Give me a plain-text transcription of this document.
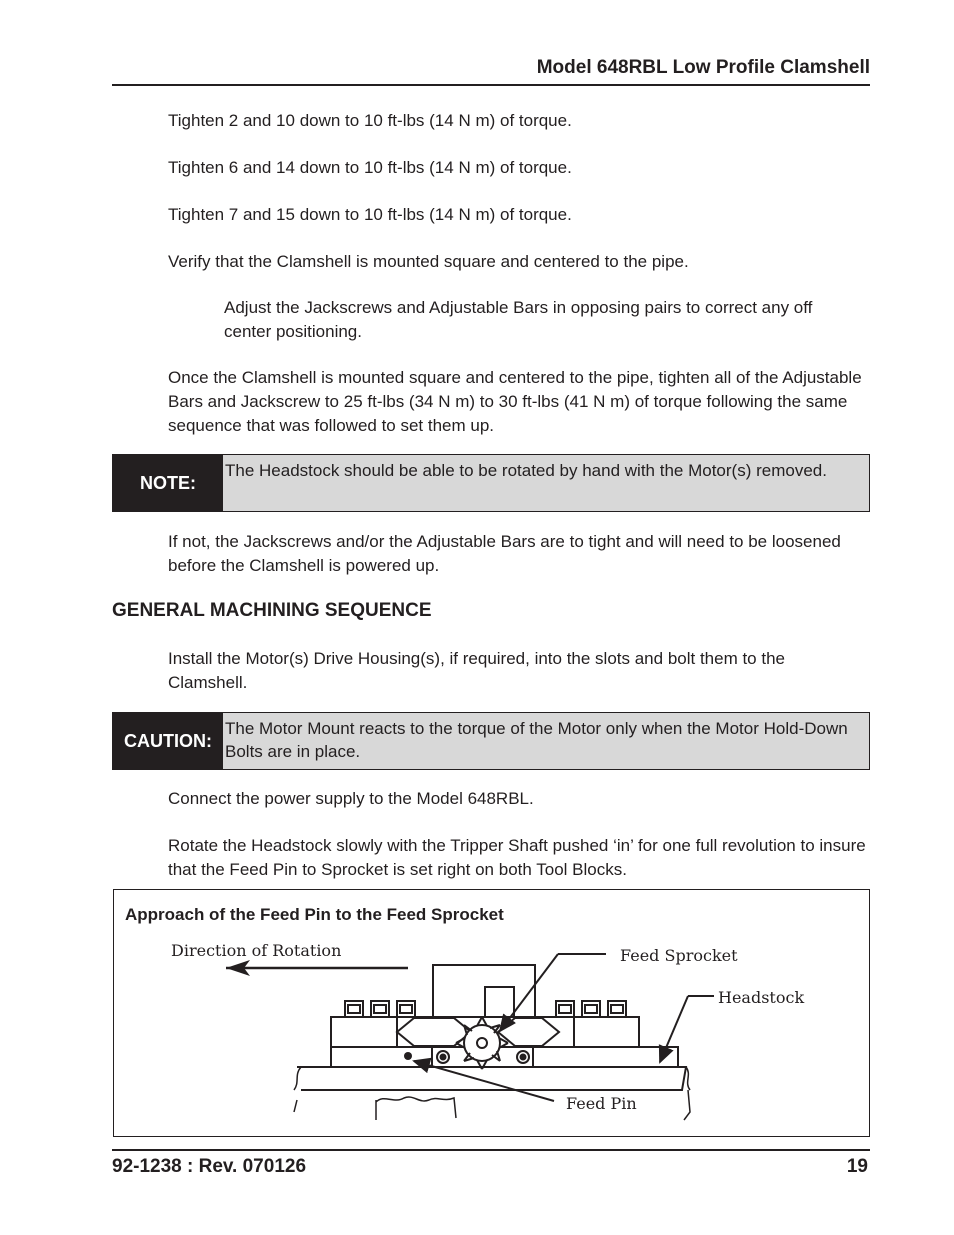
Model 648RBL Low Profile Clamshell

Tighten 2 and 10 down to 10 ft-lbs (14 N m) of torque.

Tighten 6 and 14 down to 10 ft-lbs (14 N m) of torque.

Tighten 7 and 15 down to 10 ft-lbs (14 N m) of torque.

Verify that the Clamshell is mounted square and centered to the pipe.

Adjust the Jackscrews and Adjustable Bars in opposing pairs to correct any off center positioning.

Once the Clamshell is mounted square and centered to the pipe, tighten all of the Adjustable Bars and Jackscrew to 25 ft-lbs (34 N m) to 30 ft-lbs (41 N m) of torque following the same sequence that was followed to set them up.

NOTE:
The Headstock should be able to be rotated by hand with the Motor(s) removed.

If not, the Jackscrews and/or the Adjustable Bars are to tight and will need to be loosened before the Clamshell is powered up.

GENERAL MACHINING SEQUENCE

Install the Motor(s) Drive Housing(s), if required, into the slots and bolt them to the Clamshell.

CAUTION:
The Motor Mount reacts to the torque of the Motor only when the Motor Hold-Down Bolts are in place.

Connect the power supply to the Model 648RBL.

Rotate the Headstock slowly with the Tripper Shaft pushed ‘in’ for one full revolution to insure that the Feed Pin to Sprocket is set right on both Tool Blocks.

Approach of the Feed Pin to the Feed Sprocket
Direction of Rotation	Feed Sprocket
Headstock
Feed Pin
92-1238 : Rev. 070126	19
